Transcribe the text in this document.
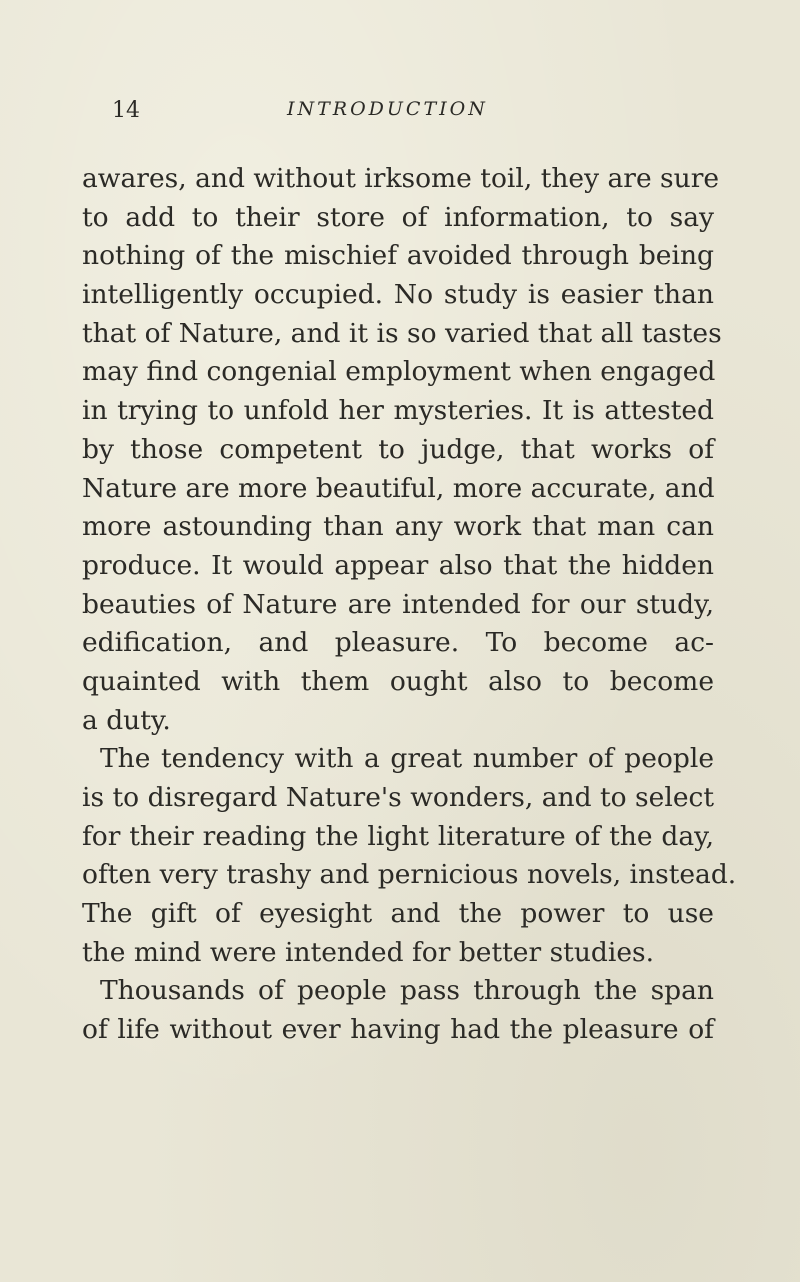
14	INTRODUCTION
awares, and without irksome toil, they are sure
to add to their store of information, to say
nothing of the mischief avoided through being
intelligently occupied. No study is easier than
that of Nature, and it is so varied that all tastes
may find congenial employment when engaged
in trying to unfold her mysteries. It is attested
by those competent to judge, that works of
Nature are more beautiful, more accurate, and
more astounding than any work that man can
produce. It would appear also that the hidden
beauties of Nature are intended for our study,
edification, and pleasure. To become ac-
quainted with them ought also to become
a duty.
The tendency with a great number of people
is to disregard Nature's wonders, and to select
for their reading the light literature of the day,
often very trashy and pernicious novels, instead.
The gift of eyesight and the power to use
the mind were intended for better studies.
Thousands of people pass through the span
of life without ever having had the pleasure of
